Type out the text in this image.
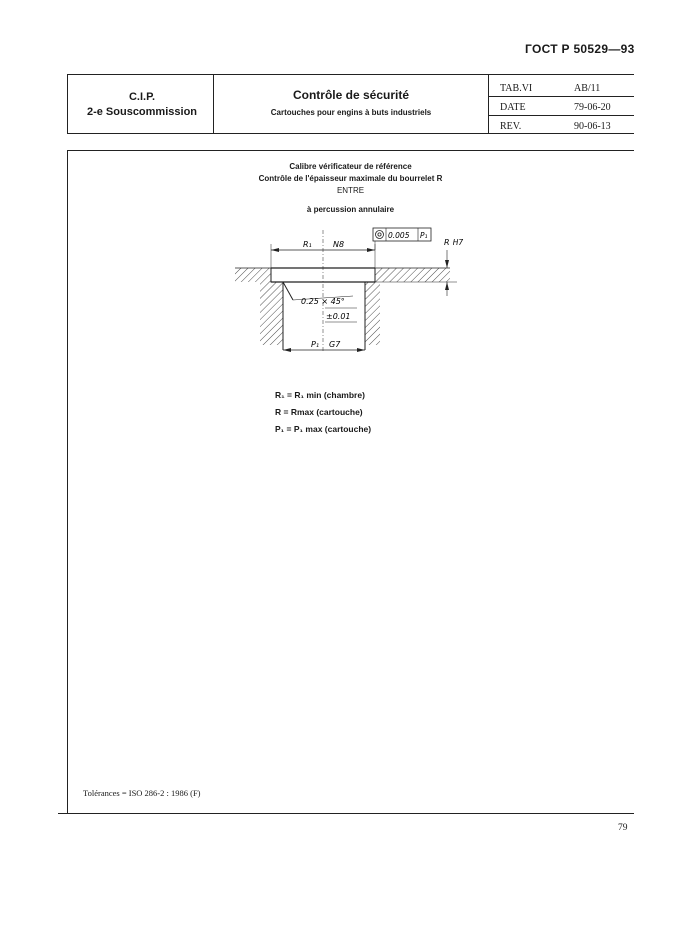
ГОСТ Р 50529—93
C.I.P.
2-e Souscommission
Contrôle de sécurité
Cartouches pour engins à buts industriels
TAB.VI	AB/11
DATE	79-06-20
REV.	90-06-13
Calibre vérificateur de référence
Contrôle de l'épaisseur maximale du bourrelet R
ENTRE
à percussion annulaire
R₁	N8
0.005 P₁
R H7
0.25 × 45°
±0.01
P₁ G7
R₁ = R₁ min (chambre)
R = Rmax (cartouche)
P₁ = P₁ max (cartouche)
Tolérances = ISO 286-2 : 1986 (F)
79
